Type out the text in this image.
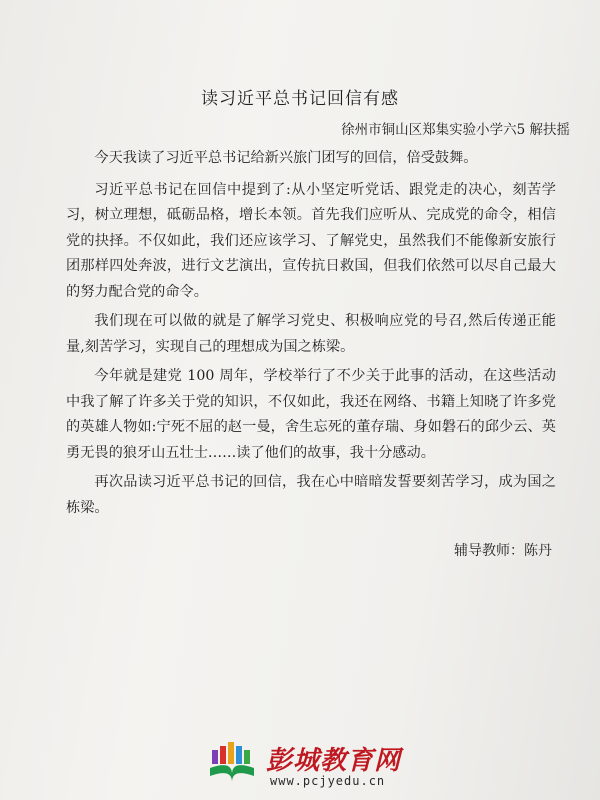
读习近平总书记回信有感
徐州市铜山区郑集实验小学六5 解扶摇

今天我读了习近平总书记给新兴旅门团写的回信，倍受鼓舞。

习近平总书记在回信中提到了:从小坚定听党话、跟党走的决心，刻苦学习，树立理想，砥砺品格，增长本领。首先我们应听从、完成党的命令，相信党的抉择。不仅如此，我们还应该学习、了解党史，虽然我们不能像新安旅行团那样四处奔波，进行文艺演出，宣传抗日救国，但我们依然可以尽自己最大的努力配合党的命令。

我们现在可以做的就是了解学习党史、积极响应党的号召,然后传递正能量,刻苦学习，实现自己的理想成为国之栋梁。

今年就是建党 100 周年，学校举行了不少关于此事的活动，在这些活动中我了解了许多关于党的知识，不仅如此，我还在网络、书籍上知晓了许多党的英雄人物如:宁死不屈的赵一曼，舍生忘死的董存瑞、身如磐石的邱少云、英勇无畏的狼牙山五壮士……读了他们的故事，我十分感动。

再次品读习近平总书记的回信，我在心中暗暗发誓要刻苦学习，成为国之栋梁。

辅导教师：陈丹
彭城教育网
www.pcjyedu.cn
